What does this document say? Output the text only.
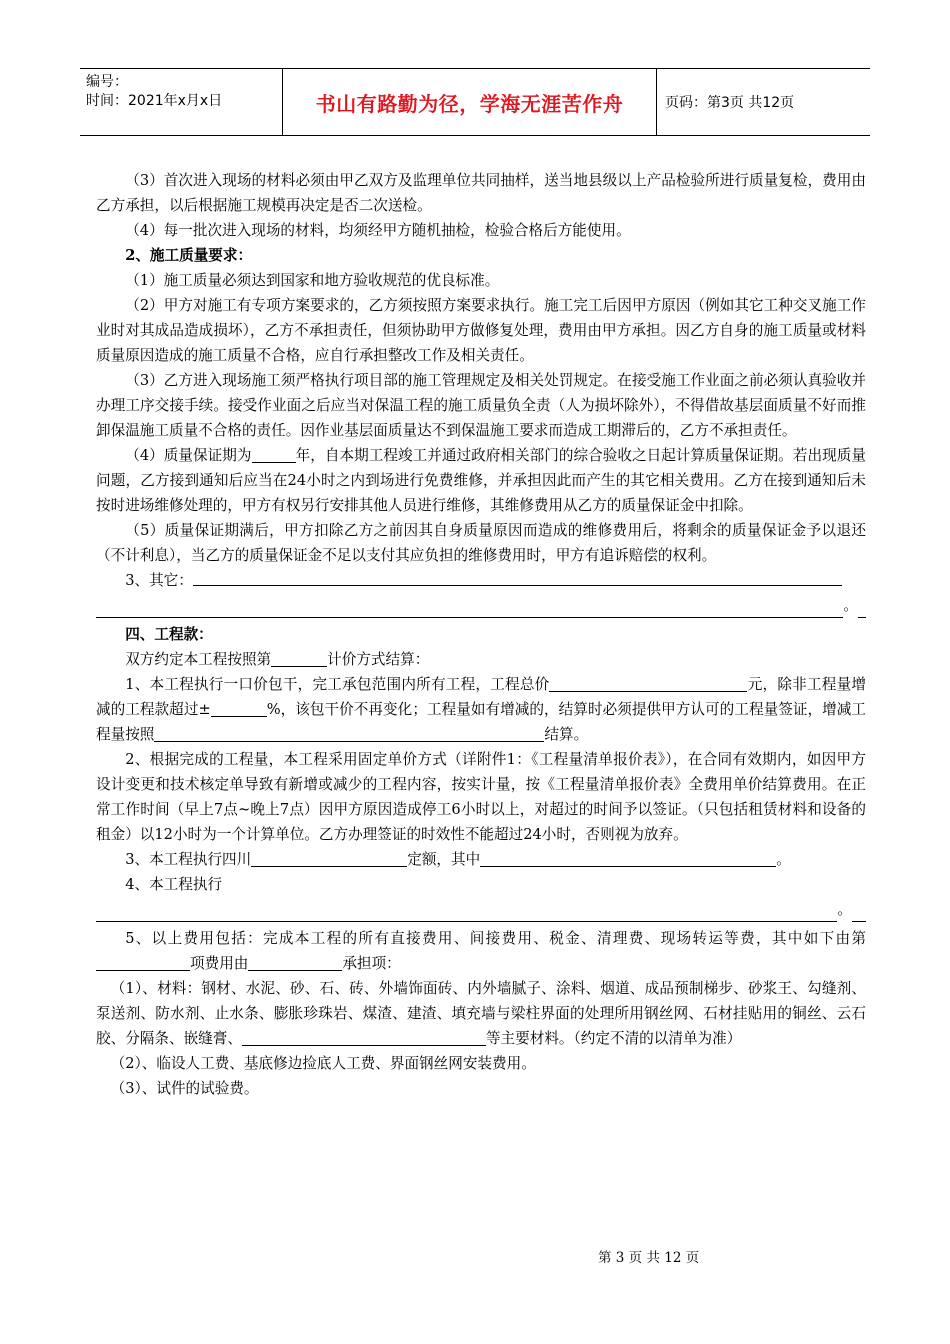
编号：
时间：2021年x月x日	书山有路勤为径，学海无涯苦作舟	页码：第3页 共12页

（3）首次进入现场的材料必须由甲乙双方及监理单位共同抽样，送当地县级以上产品检验所进行质量复检，费用由乙方承担，以后根据施工规模再决定是否二次送检。

（4）每一批次进入现场的材料，均须经甲方随机抽检，检验合格后方能使用。

2、施工质量要求：

（1）施工质量必须达到国家和地方验收规范的优良标准。

（2）甲方对施工有专项方案要求的，乙方须按照方案要求执行。施工完工后因甲方原因（例如其它工种交叉施工作业时对其成品造成损坏），乙方不承担责任，但须协助甲方做修复处理，费用由甲方承担。因乙方自身的施工质量或材料质量原因造成的施工质量不合格，应自行承担整改工作及相关责任。

（3）乙方进入现场施工须严格执行项目部的施工管理规定及相关处罚规定。在接受施工作业面之前必须认真验收并办理工序交接手续。接受作业面之后应当对保温工程的施工质量负全责（人为损坏除外），不得借故基层面质量不好而推卸保温施工质量不合格的责任。因作业基层面质量达不到保温施工要求而造成工期滞后的，乙方不承担责任。

（4）质量保证期为	年，自本期工程竣工并通过政府相关部门的综合验收之日起计算质量保证期。若出现质量问题，乙方接到通知后应当在24小时之内到场进行免费维修，并承担因此而产生的其它相关费用。乙方在接到通知后未按时进场维修处理的，甲方有权另行安排其他人员进行维修，其维修费用从乙方的质量保证金中扣除。

（5）质量保证期满后，甲方扣除乙方之前因其自身质量原因而造成的维修费用后，将剩余的质量保证金予以退还（不计利息），当乙方的质量保证金不足以支付其应负担的维修费用时，甲方有追诉赔偿的权利。

3、其它：

。

四、工程款：

双方约定本工程按照第	计价方式结算：

1、本工程执行一口价包干，完工承包范围内所有工程，工程总价	元，除非工程量增减的工程款超过±	%，该包干价不再变化；工程量如有增减的，结算时必须提供甲方认可的工程量签证，增减工程量按照	结算。

2、根据完成的工程量，本工程采用固定单价方式（详附件1：《工程量清单报价表》），在合同有效期内，如因甲方设计变更和技术核定单导致有新增或减少的工程内容，按实计量，按《工程量清单报价表》全费用单价结算费用。在正常工作时间（早上7点~晚上7点）因甲方原因造成停工6小时以上，对超过的时间予以签证。（只包括租赁材料和设备的租金）以12小时为一个计算单位。乙方办理签证的时效性不能超过24小时，否则视为放弃。

3、本工程执行四川	定额，其中	。

4、本工程执行

。

5、以上费用包括：完成本工程的所有直接费用、间接费用、税金、清理费、现场转运等费，其中如下由第项费用由	承担项：

（1）、材料：钢材、水泥、砂、石、砖、外墙饰面砖、内外墙腻子、涂料、烟道、成品预制梯步、砂浆王、勾缝剂、泵送剂、防水剂、止水条、膨胀珍珠岩、煤渣、建渣、填充墙与梁柱界面的处理所用钢丝网、石材挂贴用的铜丝、云石胶、分隔条、嵌缝膏、	等主要材料。（约定不清的以清单为准）

（2）、临设人工费、基底修边捡底人工费、界面钢丝网安装费用。

（3）、试件的试验费。

第 3 页 共 12 页
